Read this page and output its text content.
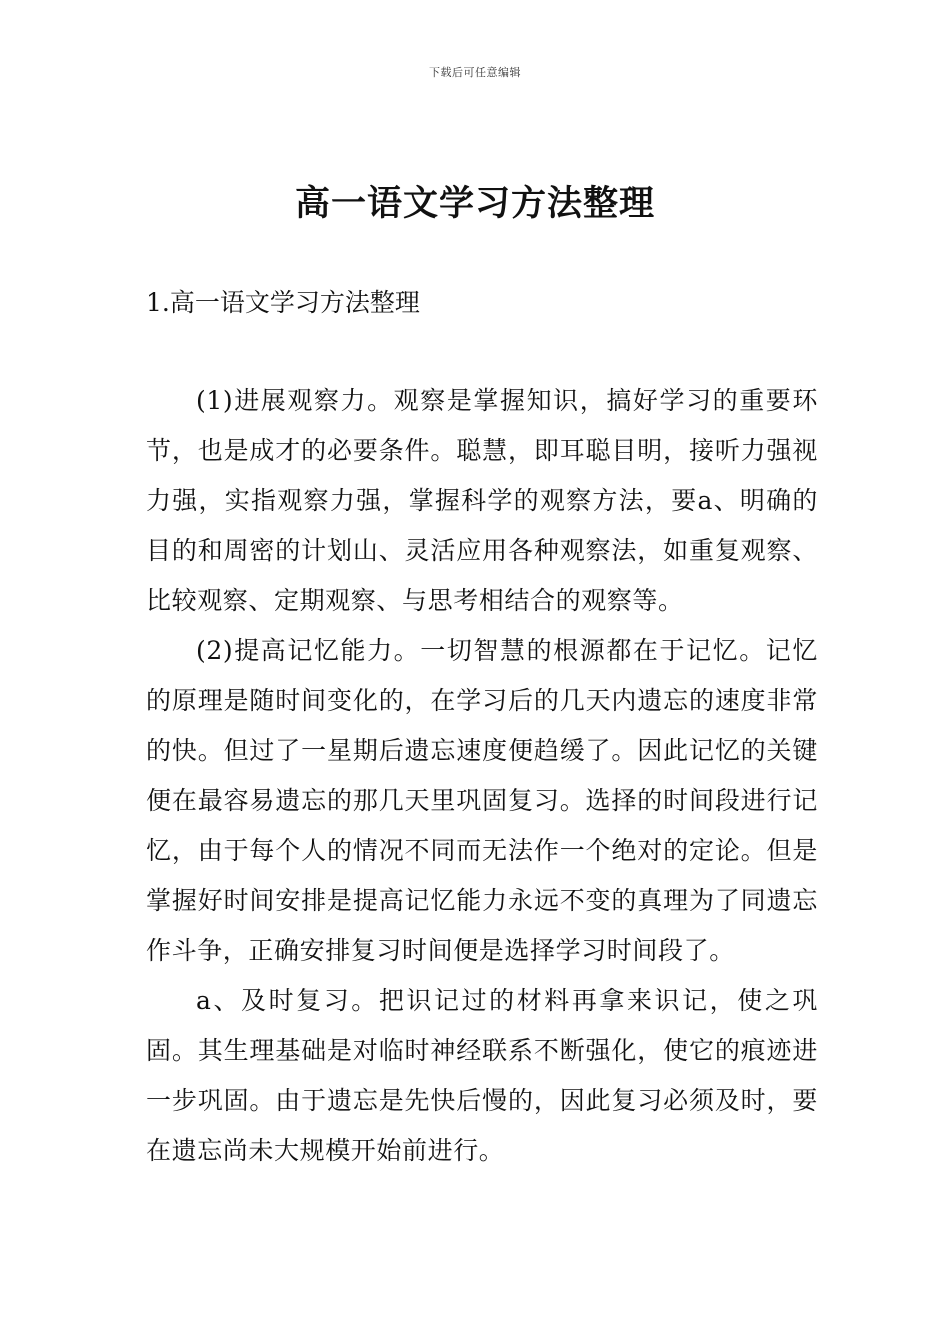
下载后可任意编辑
高一语文学习方法整理
1.高一语文学习方法整理

(1)进展观察力。观察是掌握知识，搞好学习的重要环节，也是成才的必要条件。聪慧，即耳聪目明，接听力强视力强，实指观察力强，掌握科学的观察方法，要a、明确的目的和周密的计划山、灵活应用各种观察法，如重复观察、比较观察、定期观察、与思考相结合的观察等。

(2)提高记忆能力。一切智慧的根源都在于记忆。记忆的原理是随时间变化的，在学习后的几天内遗忘的速度非常的快。但过了一星期后遗忘速度便趋缓了。因此记忆的关键便在最容易遗忘的那几天里巩固复习。选择的时间段进行记忆，由于每个人的情况不同而无法作一个绝对的定论。但是掌握好时间安排是提高记忆能力永远不变的真理为了同遗忘作斗争，正确安排复习时间便是选择学习时间段了。

a、及时复习。把识记过的材料再拿来识记，使之巩固。其生理基础是对临时神经联系不断强化，使它的痕迹进一步巩固。由于遗忘是先快后慢的，因此复习必须及时，要在遗忘尚未大规模开始前进行。
